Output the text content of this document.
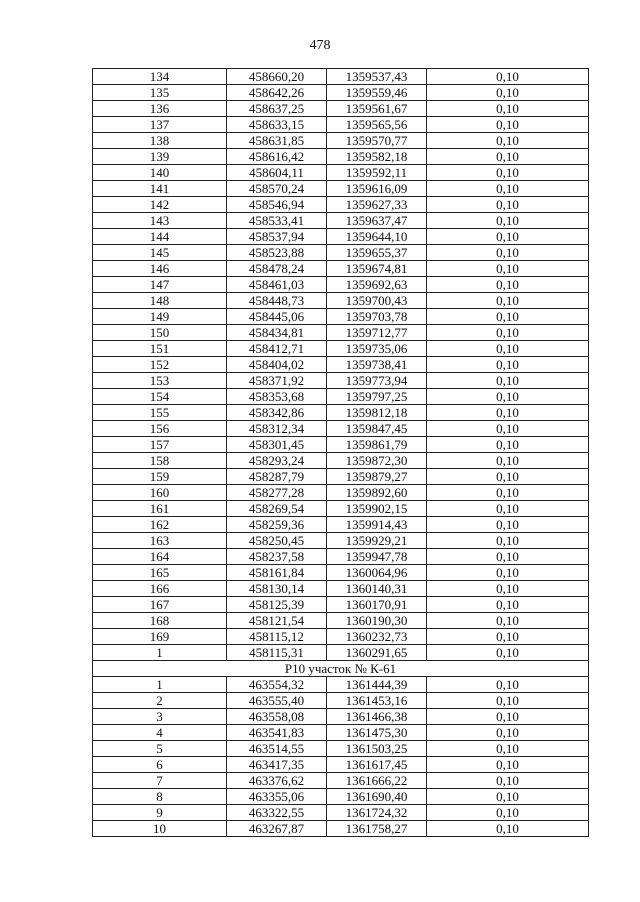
478
134	458660,20	1359537,43	0,10
135	458642,26	1359559,46	0,10
136	458637,25	1359561,67	0,10
137	458633,15	1359565,56	0,10
138	458631,85	1359570,77	0,10
139	458616,42	1359582,18	0,10
140	458604,11	1359592,11	0,10
141	458570,24	1359616,09	0,10
142	458546,94	1359627,33	0,10
143	458533,41	1359637,47	0,10
144	458537,94	1359644,10	0,10
145	458523,88	1359655,37	0,10
146	458478,24	1359674,81	0,10
147	458461,03	1359692,63	0,10
148	458448,73	1359700,43	0,10
149	458445,06	1359703,78	0,10
150	458434,81	1359712,77	0,10
151	458412,71	1359735,06	0,10
152	458404,02	1359738,41	0,10
153	458371,92	1359773,94	0,10
154	458353,68	1359797,25	0,10
155	458342,86	1359812,18	0,10
156	458312,34	1359847,45	0,10
157	458301,45	1359861,79	0,10
158	458293,24	1359872,30	0,10
159	458287,79	1359879,27	0,10
160	458277,28	1359892,60	0,10
161	458269,54	1359902,15	0,10
162	458259,36	1359914,43	0,10
163	458250,45	1359929,21	0,10
164	458237,58	1359947,78	0,10
165	458161,84	1360064,96	0,10
166	458130,14	1360140,31	0,10
167	458125,39	1360170,91	0,10
168	458121,54	1360190,30	0,10
169	458115,12	1360232,73	0,10
1	458115,31	1360291,65	0,10
P10 участок № К-61			
1	463554,32	1361444,39	0,10
2	463555,40	1361453,16	0,10
3	463558,08	1361466,38	0,10
4	463541,83	1361475,30	0,10
5	463514,55	1361503,25	0,10
6	463417,35	1361617,45	0,10
7	463376,62	1361666,22	0,10
8	463355,06	1361690,40	0,10
9	463322,55	1361724,32	0,10
10	463267,87	1361758,27	0,10
